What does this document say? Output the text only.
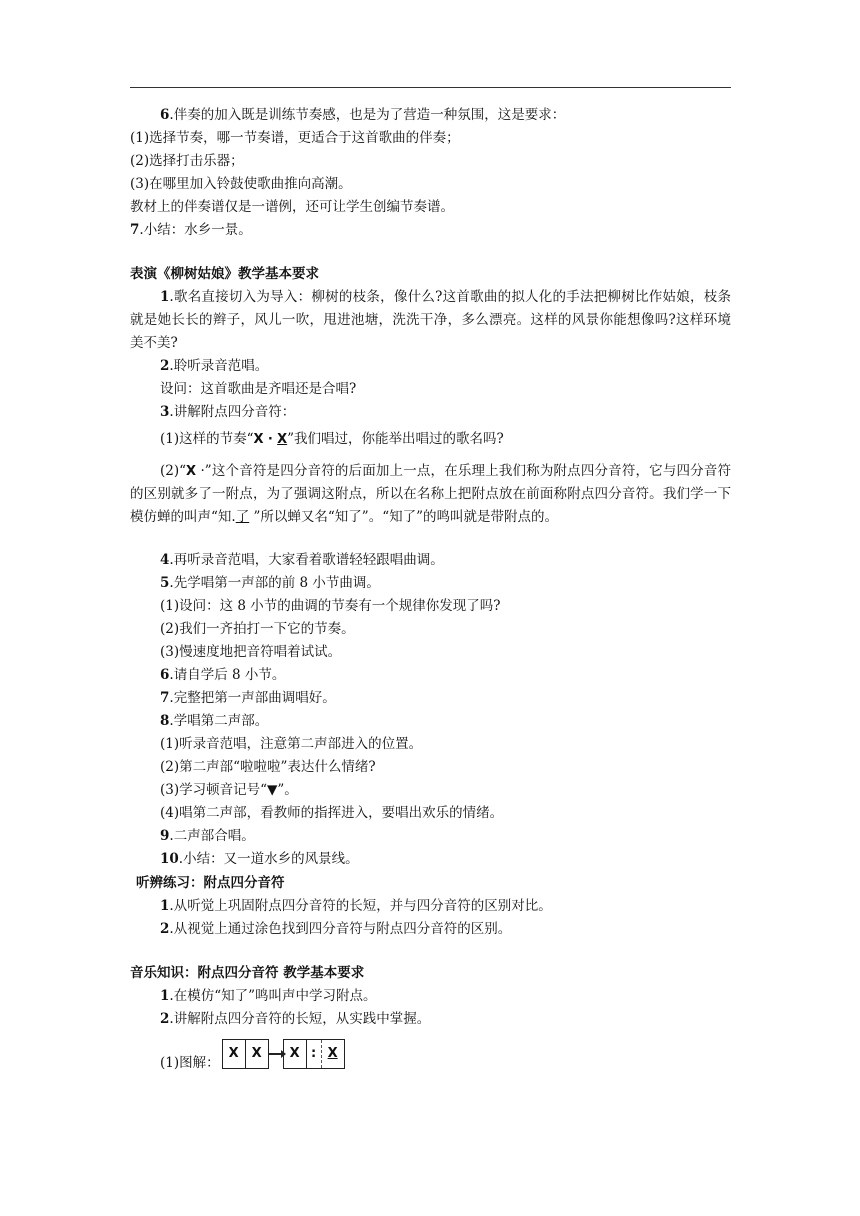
6.伴奏的加入既是训练节奏感，也是为了营造一种氛围，这是要求：
(1)选择节奏，哪一节奏谱，更适合于这首歌曲的伴奏；
(2)选择打击乐器；
(3)在哪里加入铃鼓使歌曲推向高潮。
教材上的伴奏谱仅是一谱例，还可让学生创编节奏谱。
7.小结：水乡一景。
表演《柳树姑娘》教学基本要求
1.歌名直接切入为导入：柳树的枝条，像什么?这首歌曲的拟人化的手法把柳树比作姑娘，枝条就是她长长的辫子，风儿一吹，甩进池塘，洗洗干净，多么漂亮。这样的风景你能想像吗?这样环境美不美?
2.聆听录音范唱。
设问：这首歌曲是齐唱还是合唱?
3.讲解附点四分音符：
(1)这样的节奏“X · X”我们唱过，你能举出唱过的歌名吗?
(2)“X ·”这个音符是四分音符的后面加上一点，在乐理上我们称为附点四分音符，它与四分音符的区别就多了一附点，为了强调这附点，所以在名称上把附点放在前面称附点四分音符。我们学一下模仿蝉的叫声“知.了 ”所以蝉又名“知了”。“知了”的鸣叫就是带附点的。
4.再听录音范唱，大家看着歌谱轻轻跟唱曲调。
5.先学唱第一声部的前 8 小节曲调。
(1)设问：这 8 小节的曲调的节奏有一个规律你发现了吗?
(2)我们一齐拍打一下它的节奏。
(3)慢速度地把音符唱着试试。
6.请自学后 8 小节。
7.完整把第一声部曲调唱好。
8.学唱第二声部。
(1)听录音范唱，注意第二声部进入的位置。
(2)第二声部“啦啦啦”表达什么情绪?
(3)学习顿音记号“▼”。
(4)唱第二声部，看教师的指挥进入，要唱出欢乐的情绪。
9.二声部合唱。
10.小结：又一道水乡的风景线。
听辨练习：附点四分音符
1.从听觉上巩固附点四分音符的长短，并与四分音符的区别对比。
2.从视觉上通过涂色找到四分音符与附点四分音符的区别。
音乐知识：附点四分音符 教学基本要求
1.在模仿“知了”鸣叫声中学习附点。
2.讲解附点四分音符的长短，从实践中掌握。
(1)图解：
X X	X : X
